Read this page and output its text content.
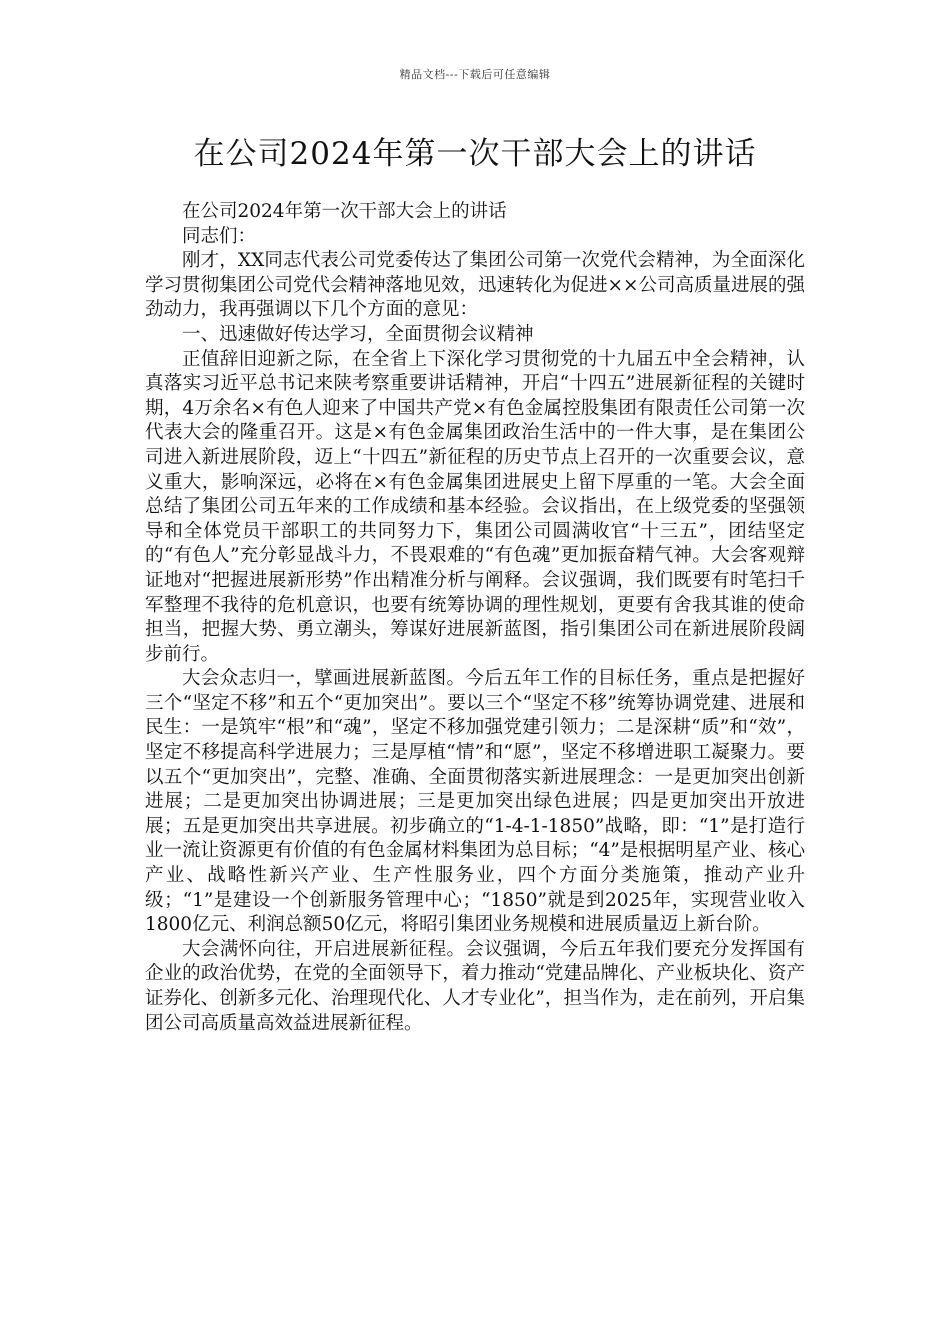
精品文档---下载后可任意编辑
在公司2024年第一次干部大会上的讲话

在公司2024年第一次干部大会上的讲话

同志们：

刚才，XX同志代表公司党委传达了集团公司第一次党代会精神，为全面深化学习贯彻集团公司党代会精神落地见效，迅速转化为促进××公司高质量进展的强劲动力，我再强调以下几个方面的意见：

一、迅速做好传达学习，全面贯彻会议精神

正值辞旧迎新之际，在全省上下深化学习贯彻党的十九届五中全会精神，认真落实习近平总书记来陕考察重要讲话精神，开启“十四五”进展新征程的关键时期，4万余名×有色人迎来了中国共产党×有色金属控股集团有限责任公司第一次代表大会的隆重召开。这是×有色金属集团政治生活中的一件大事，是在集团公司进入新进展阶段，迈上“十四五”新征程的历史节点上召开的一次重要会议，意义重大，影响深远，必将在×有色金属集团进展史上留下厚重的一笔。大会全面总结了集团公司五年来的工作成绩和基本经验。会议指出，在上级党委的坚强领导和全体党员干部职工的共同努力下，集团公司圆满收官“十三五”，团结坚定的“有色人”充分彰显战斗力，不畏艰难的“有色魂”更加振奋精气神。大会客观辩证地对“把握进展新形势”作出精准分析与阐释。会议强调，我们既要有时笔扫千军整理不我待的危机意识，也要有统筹协调的理性规划，更要有舍我其谁的使命担当，把握大势、勇立潮头，筹谋好进展新蓝图，指引集团公司在新进展阶段阔步前行。

大会众志归一，擘画进展新蓝图。今后五年工作的目标任务，重点是把握好三个“坚定不移”和五个“更加突出”。要以三个“坚定不移”统筹协调党建、进展和民生：一是筑牢“根”和“魂”，坚定不移加强党建引领力；二是深耕“质”和“效”，坚定不移提高科学进展力；三是厚植“情”和“愿”，坚定不移增进职工凝聚力。要以五个“更加突出”，完整、准确、全面贯彻落实新进展理念：一是更加突出创新进展；二是更加突出协调进展；三是更加突出绿色进展；四是更加突出开放进展；五是更加突出共享进展。初步确立的“1-4-1-1850”战略，即：“1”是打造行业一流让资源更有价值的有色金属材料集团为总目标；“4”是根据明星产业、核心产业、战略性新兴产业、生产性服务业，四个方面分类施策，推动产业升级；“1”是建设一个创新服务管理中心；“1850”就是到2025年，实现营业收入1800亿元、利润总额50亿元，将昭引集团业务规模和进展质量迈上新台阶。

大会满怀向往，开启进展新征程。会议强调，今后五年我们要充分发挥国有企业的政治优势，在党的全面领导下，着力推动“党建品牌化、产业板块化、资产证券化、创新多元化、治理现代化、人才专业化”，担当作为，走在前列，开启集团公司高质量高效益进展新征程。
